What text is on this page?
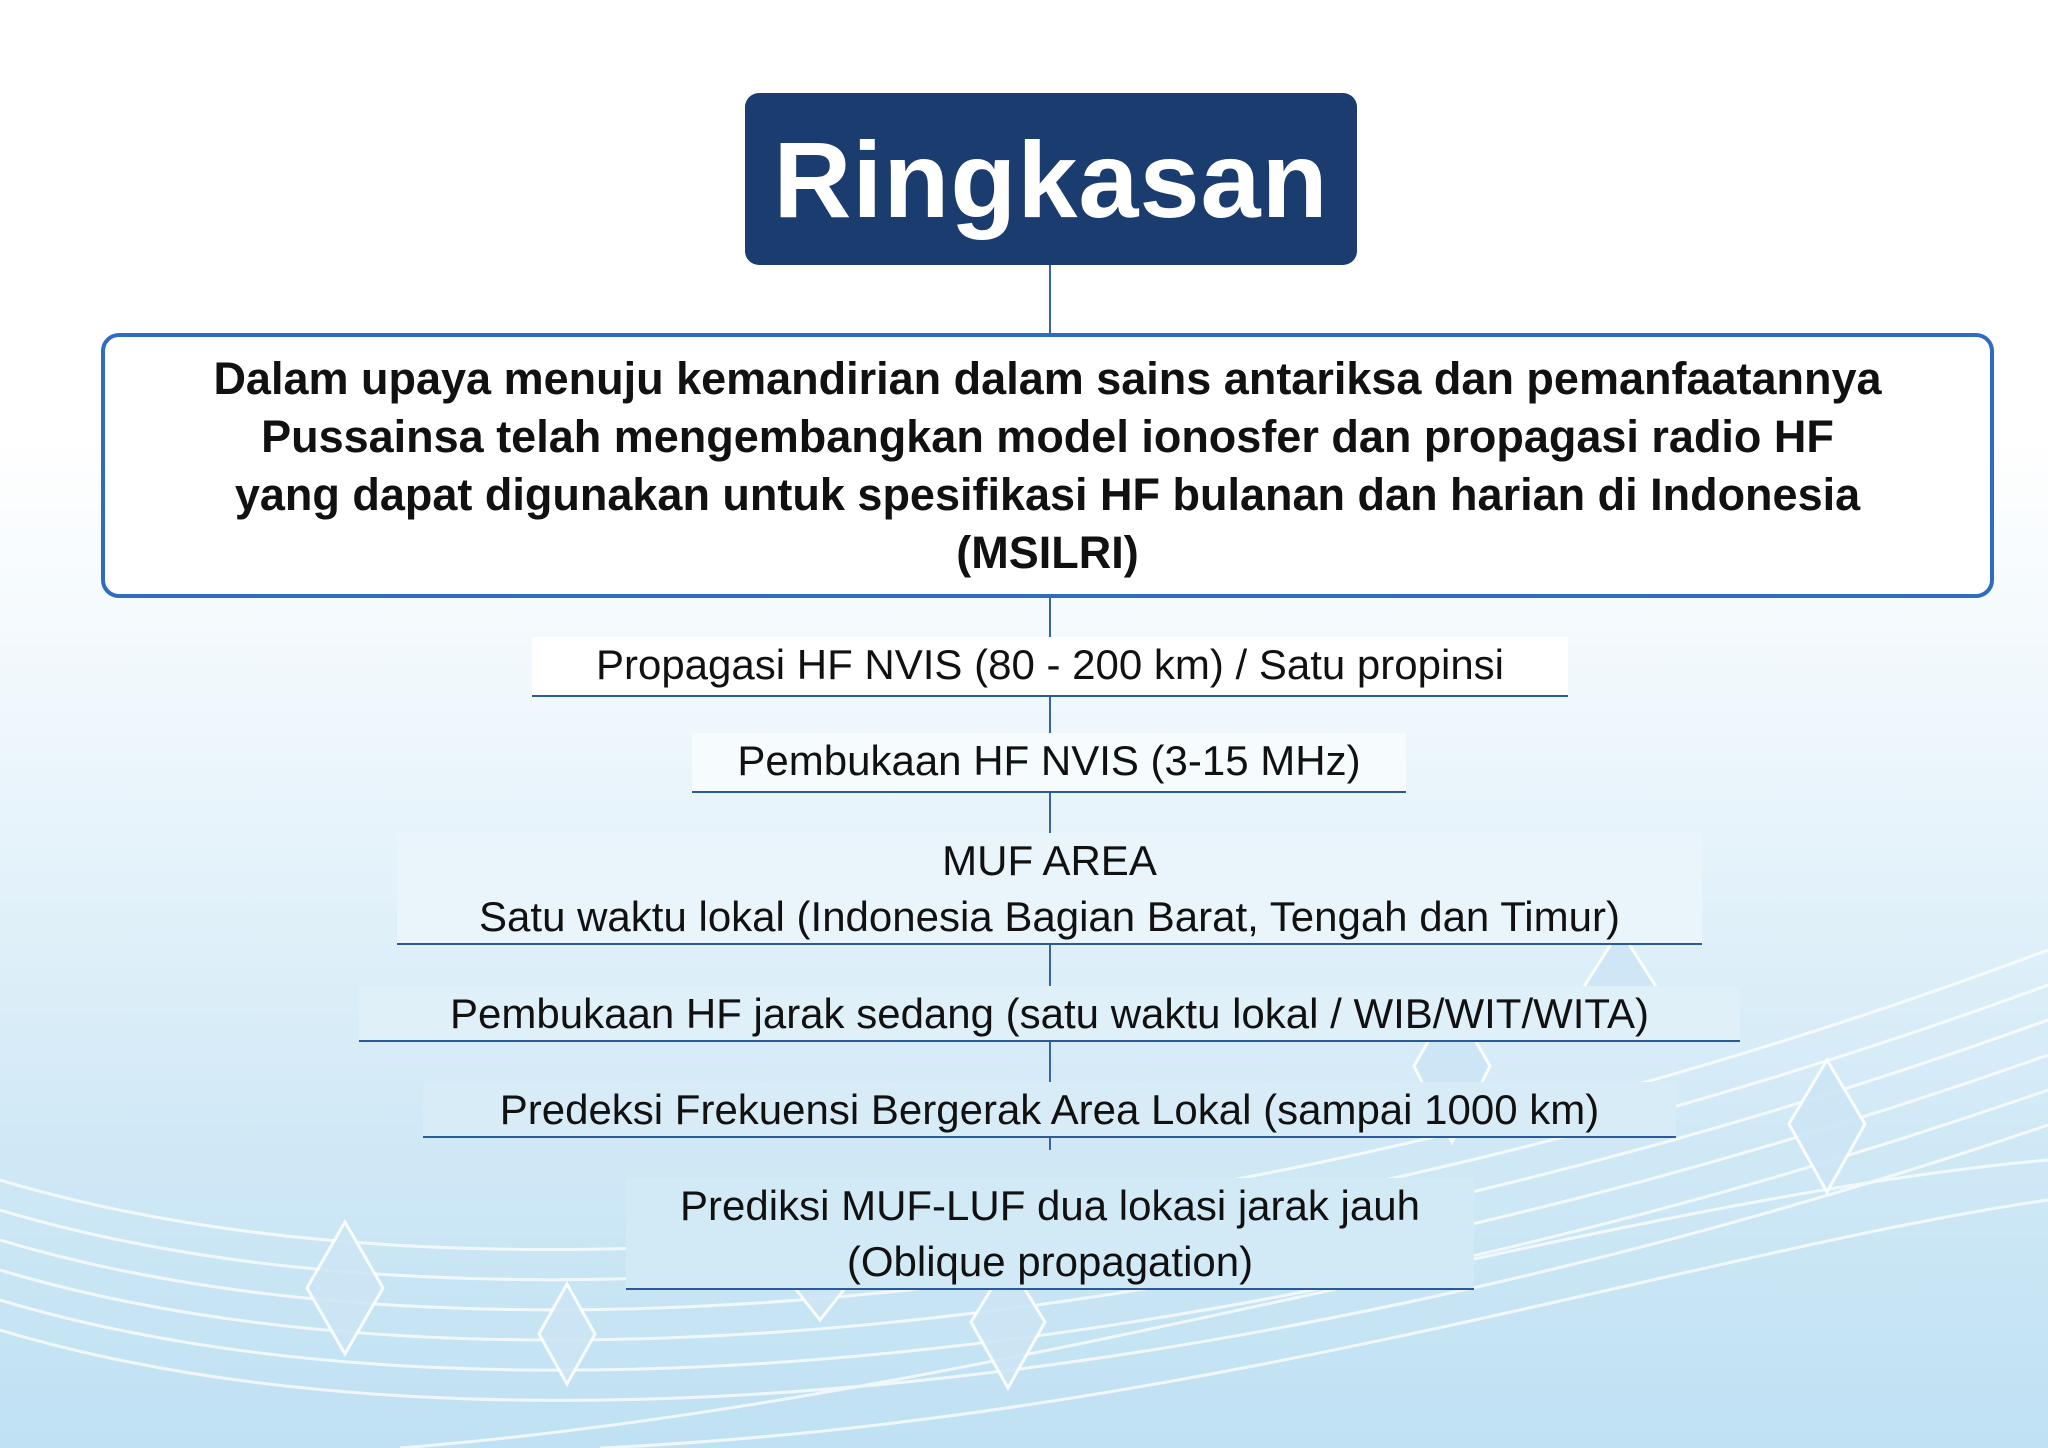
Ringkasan
Dalam upaya menuju kemandirian dalam sains antariksa dan pemanfaatannya
Pussainsa telah mengembangkan model ionosfer dan propagasi radio HF
yang dapat digunakan untuk spesifikasi HF bulanan dan harian di Indonesia
(MSILRI)
Propagasi HF NVIS (80 - 200 km) / Satu propinsi
Pembukaan HF NVIS (3-15 MHz)
MUF AREA
Satu waktu lokal (Indonesia Bagian Barat, Tengah dan Timur)
Pembukaan HF jarak sedang (satu waktu lokal / WIB/WIT/WITA)
Predeksi Frekuensi Bergerak Area Lokal (sampai 1000 km)
Prediksi MUF-LUF dua lokasi jarak jauh
(Oblique propagation)
